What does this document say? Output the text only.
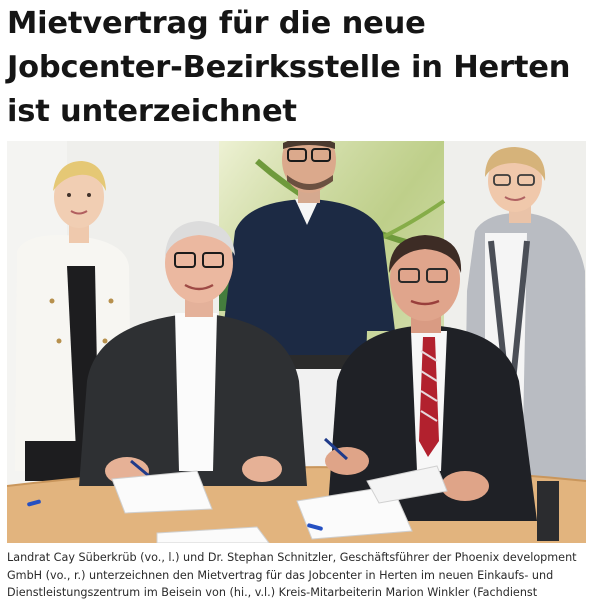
Mietvertrag für die neue Jobcenter-Bezirksstelle in Herten ist unterzeichnet

Landrat Cay Süberkrüb (vo., l.) und Dr. Stephan Schnitzler, Geschäftsführer der Phoenix development GmbH (vo., r.) unterzeichnen den Mietvertrag für das Jobcenter in Herten im neuen Einkaufs- und Dienstleistungszentrum im Beisein von (hi., v.l.) Kreis-Mitarbeiterin Marion Winkler (Fachdienst
